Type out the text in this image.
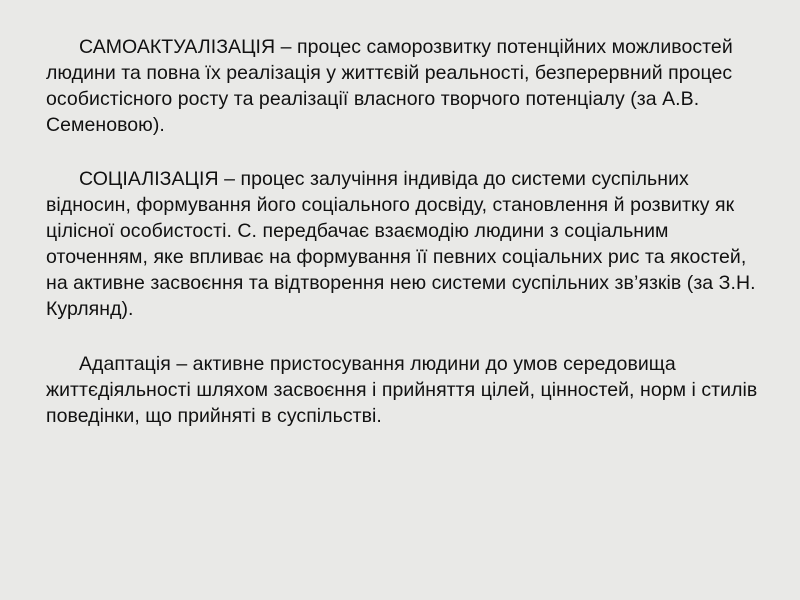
САМОАКТУАЛІЗАЦІЯ – процес саморозвитку потенційних можливостей людини та повна їх реалізація у життєвій реальності, безперервний процес особистісного росту та реалізації власного творчого потенціалу (за А.В. Семеновою).

СОЦІАЛІЗАЦІЯ – процес залучіння індивіда до системи суспільних відносин, формування його соціального досвіду, становлення й розвитку як цілісної особистості. С. передбачає взаємодію людини з соціальним оточенням, яке впливає на формування її певних соціальних рис та якостей, на активне засвоєння та відтворення нею системи суспільних зв’язків (за З.Н. Курлянд).

Адаптація – активне пристосування людини до умов середовища життєдіяльності шляхом засвоєння і прийняття цілей, цінностей, норм і стилів поведінки, що прийняті в суспільстві.
